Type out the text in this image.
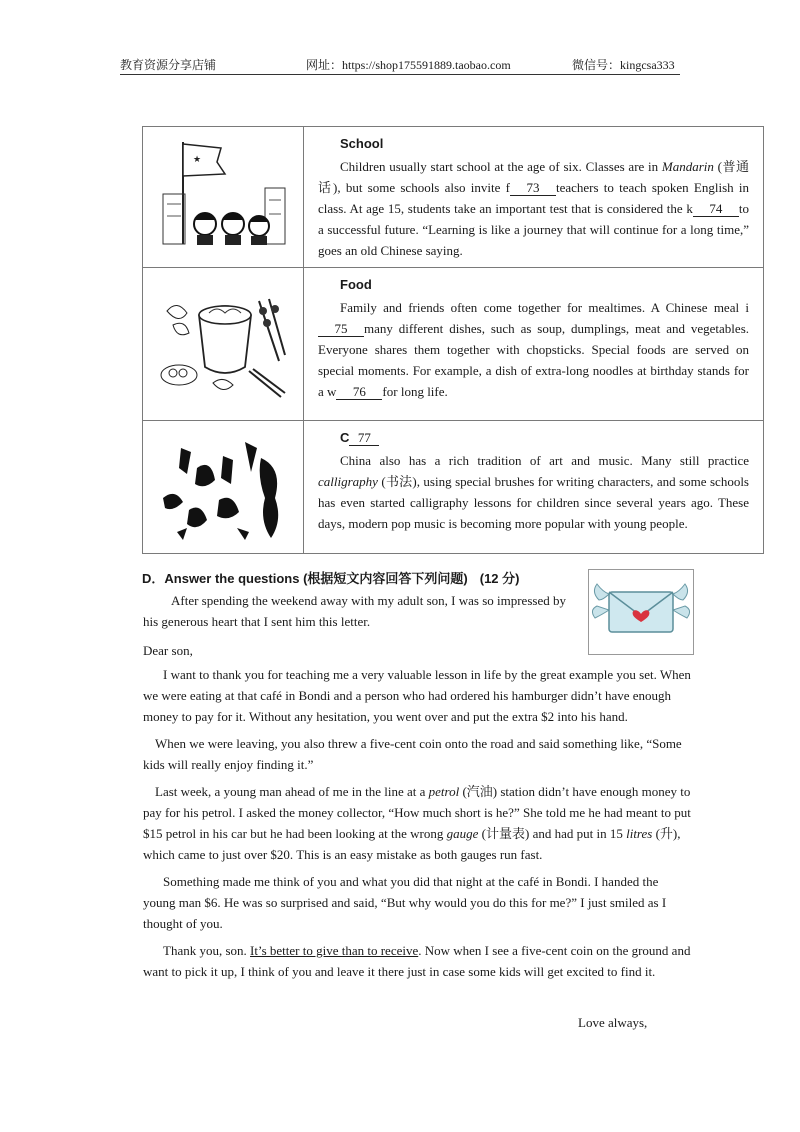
教育资源分享店铺	网址：https://shop175591889.taobao.com	微信号：kingcsa333
★	School
Children usually start school at the age of six. Classes are in Mandarin (普通话), but some schools also invite f 73 teachers to teach spoken English in class. At age 15, students take an important test that is considered the k 74 to a successful future. “Learning is like a journey that will continue for a long time,” goes an old Chinese saying.

Food
Family and friends often come together for mealtimes. A Chinese meal i75 many different dishes, such as soup, dumplings, meat and vegetables. Everyone shares them together with chopsticks. Special foods are served on special moments. For example, a dish of extra-long noodles at birthday stands for a w 76 for long life.

C 77
China also has a rich tradition of art and music. Many still practice calligraphy (书法), using special brushes for writing characters, and some schools has even started calligraphy lessons for children since several years ago. These days, modern pop music is becoming more popular with young people.
D．Answer the questions (根据短文内容回答下列问题) (12 分)
After spending the weekend away with my adult son, I was so impressed by his generous heart that I sent him this letter.
Dear son,

I want to thank you for teaching me a very valuable lesson in life by the great example you set. When we were eating at that café in Bondi and a person who had ordered his hamburger didn’t have enough money to pay for it. Without any hesitation, you went over and put the extra $2 into his hand.

When we were leaving, you also threw a five-cent coin onto the road and said something like, “Some kids will really enjoy finding it.”

Last week, a young man ahead of me in the line at a petrol (汽油) station didn’t have enough money to pay for his petrol. I asked the money collector, “How much short is he?” She told me he had meant to put $15 petrol in his car but he had been looking at the wrong gauge (计量表) and had put in 15 litres (升), which came to just over $20. This is an easy mistake as both gauges run fast.

Something made me think of you and what you did that night at the café in Bondi. I handed the young man $6. He was so surprised and said, “But why would you do this for me?” I just smiled as I thought of you.

Thank you, son. It’s better to give than to receive. Now when I see a five-cent coin on the ground and want to pick it up, I think of you and leave it there just in case some kids will get excited to find it.

Love always,
